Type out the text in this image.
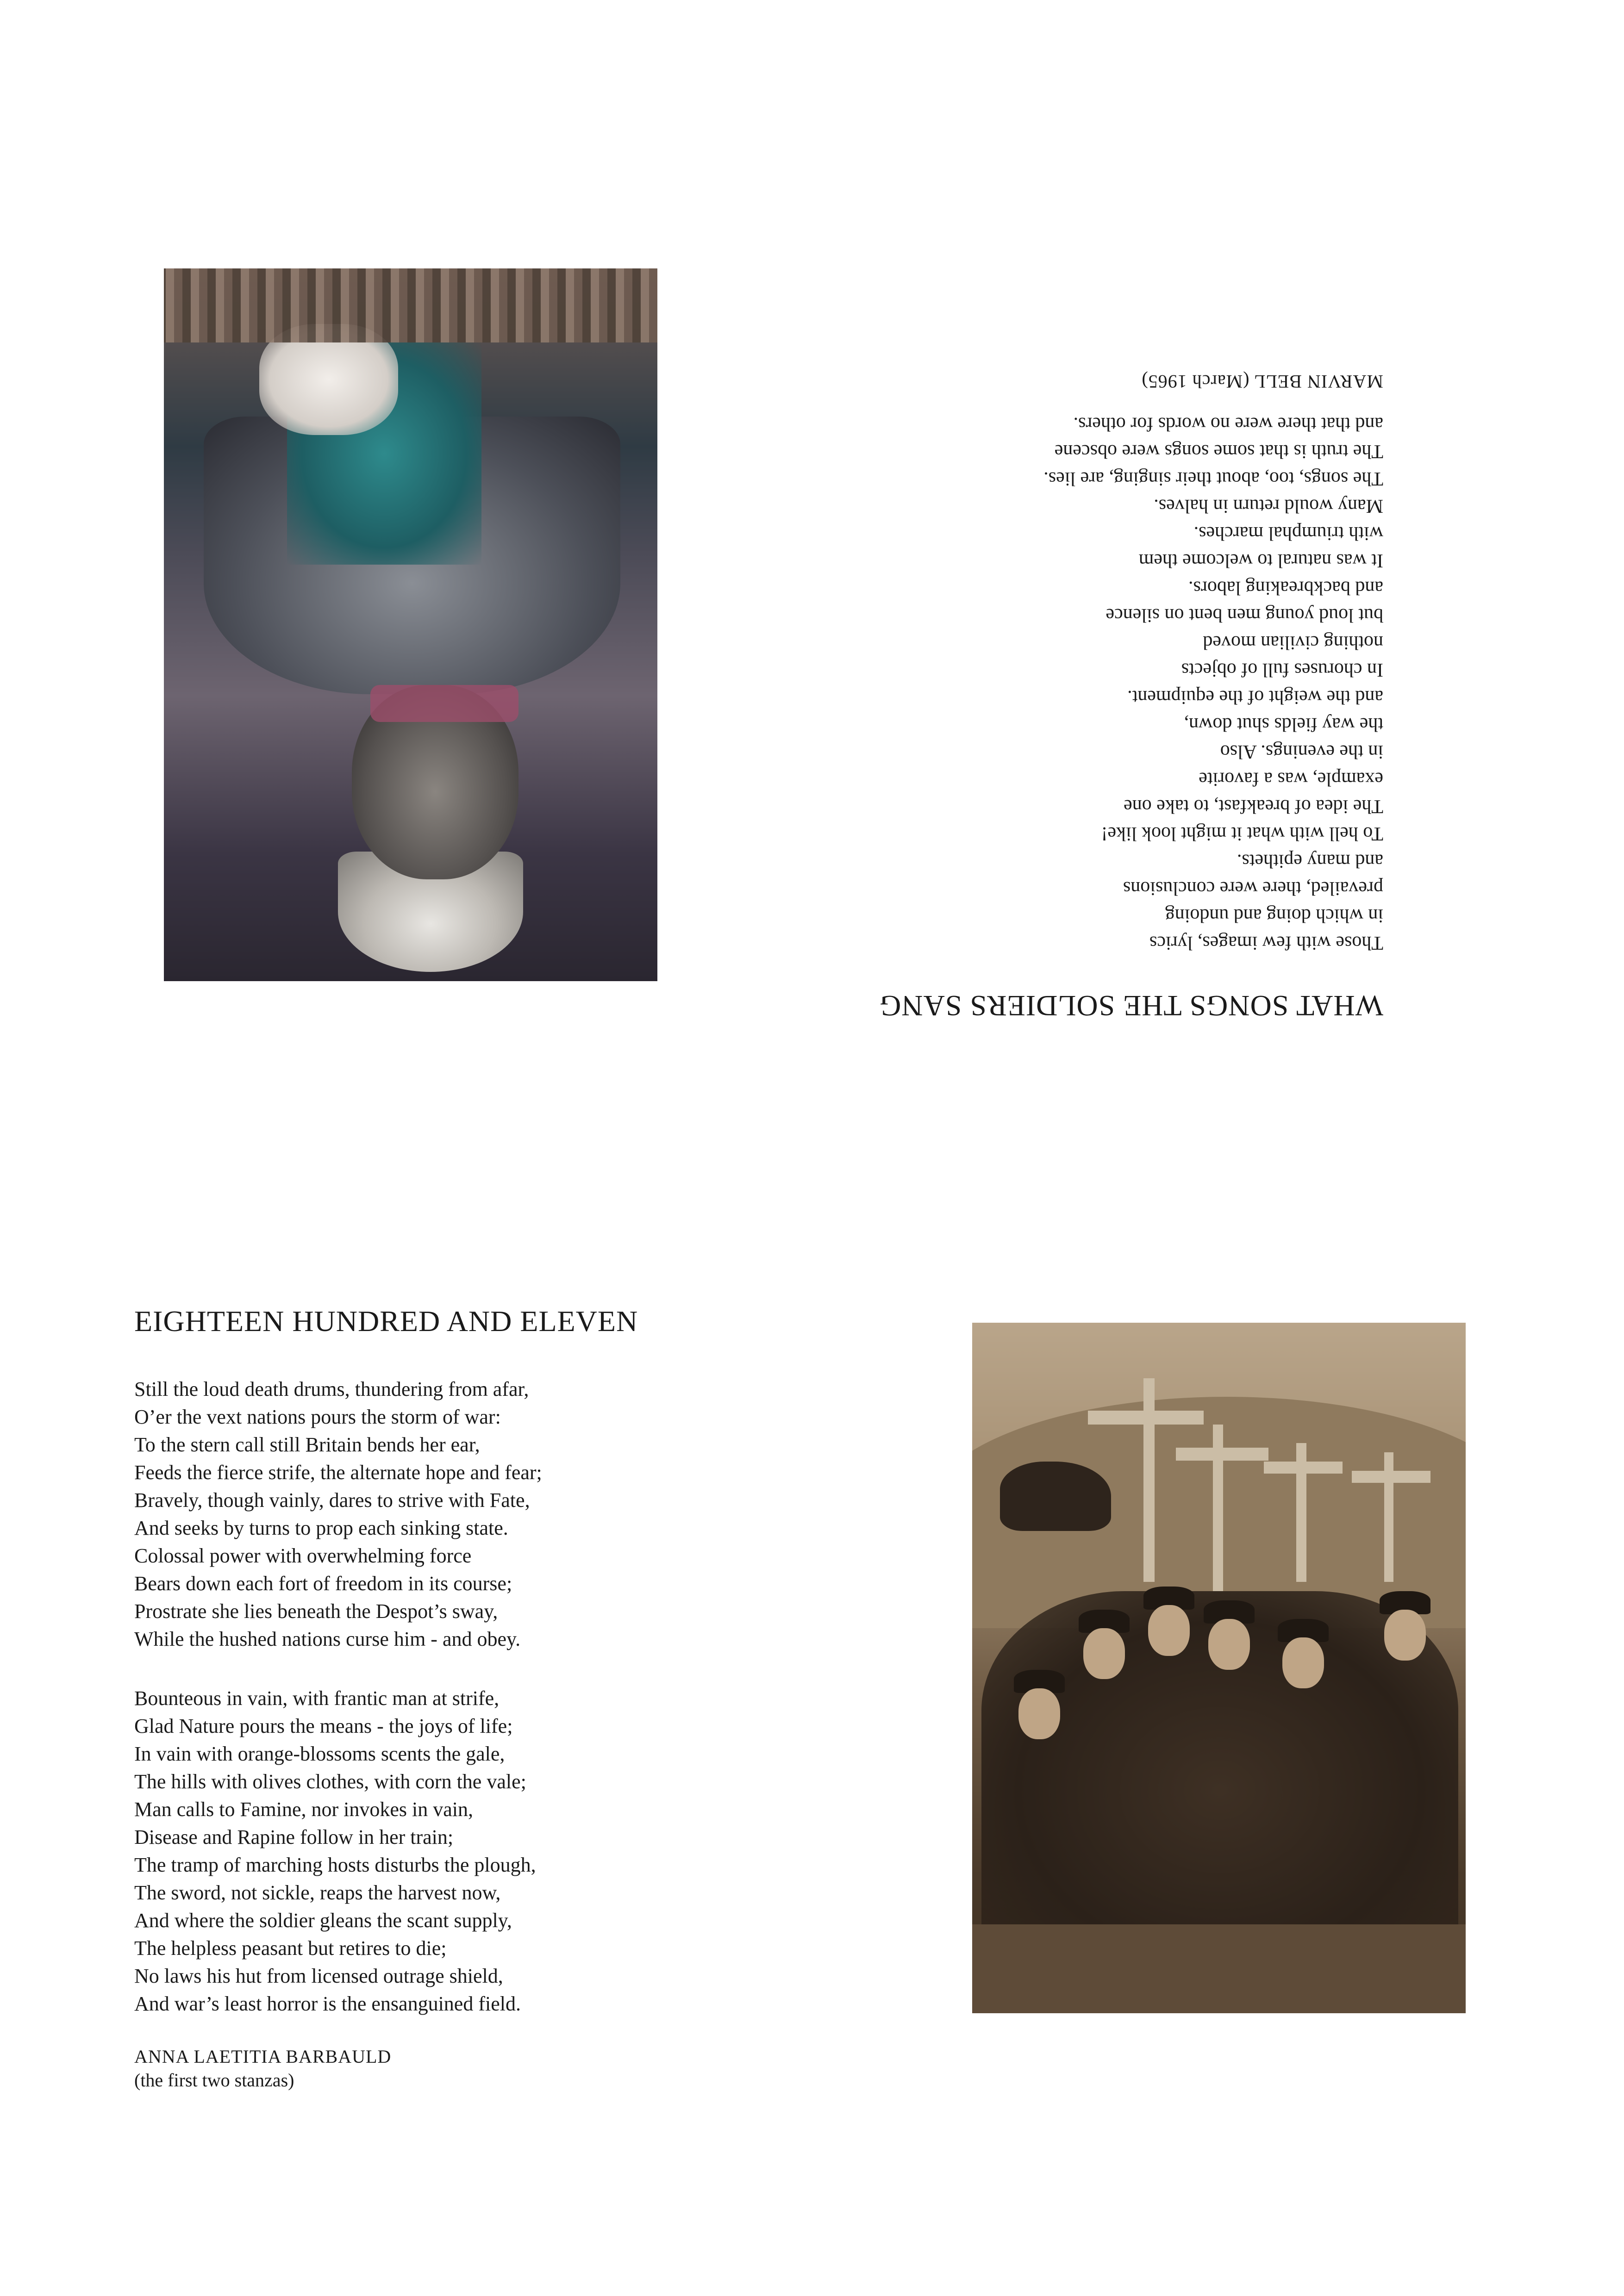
WHAT SONGS THE SOLDIERS SANG
Those with few images, lyrics
in which doing and undoing
prevailed, there were conclusions
and many epithets.
To hell with what it might look like!
The idea of breakfast, to take one
example, was a favorite
in the evenings. Also
the way fields shut down,
and the weight of the equipment.
In choruses full of objects
nothing civilian moved
but loud young men bent on silence
and backbreaking labors.
It was natural to welcome them
with triumphal marches.
Many would return in halves.
The songs, too, about their singing, are lies.
The truth is that some songs were obscene
and that there were no words for others.
MARVIN BELL (March 1965)
EIGHTEEN HUNDRED AND ELEVEN
Still the loud death drums, thundering from afar,
O’er the vext nations pours the storm of war:
To the stern call still Britain bends her ear,
Feeds the fierce strife, the alternate hope and fear;
Bravely, though vainly, dares to strive with Fate,
And seeks by turns to prop each sinking state.
Colossal power with overwhelming force
Bears down each fort of freedom in its course;
Prostrate she lies beneath the Despot’s sway,
While the hushed nations curse him - and obey.
Bounteous in vain, with frantic man at strife,
Glad Nature pours the means - the joys of life;
In vain with orange-blossoms scents the gale,
The hills with olives clothes, with corn the vale;
Man calls to Famine, nor invokes in vain,
Disease and Rapine follow in her train;
The tramp of marching hosts disturbs the plough,
The sword, not sickle, reaps the harvest now,
And where the soldier gleans the scant supply,
The helpless peasant but retires to die;
No laws his hut from licensed outrage shield,
And war’s least horror is the ensanguined field.
ANNA LAETITIA BARBAULD
(the first two stanzas)
